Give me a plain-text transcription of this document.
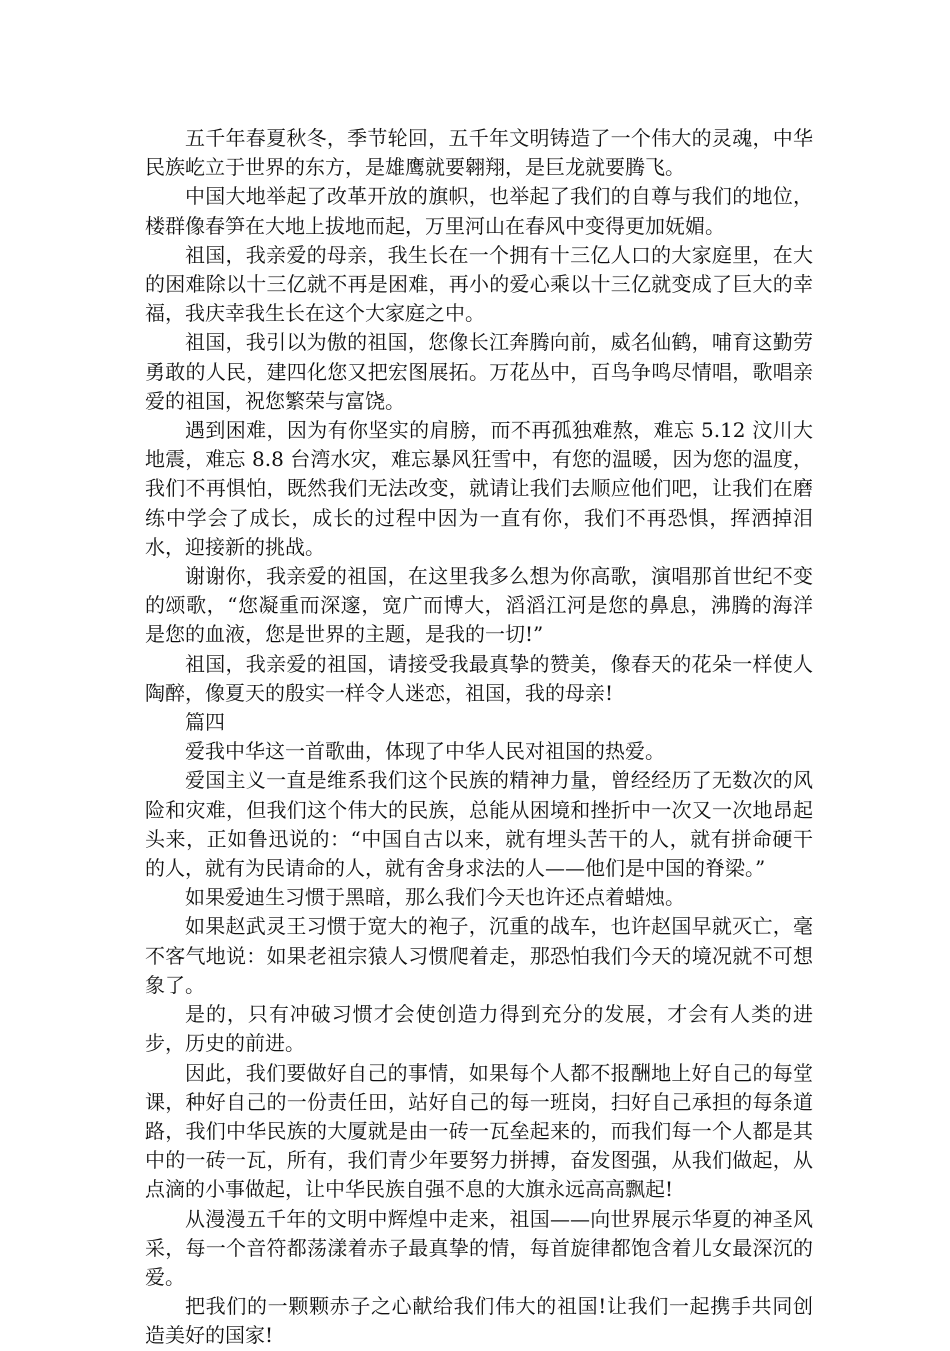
五千年春夏秋冬，季节轮回，五千年文明铸造了一个伟大的灵魂，中华民族屹立于世界的东方，是雄鹰就要翱翔，是巨龙就要腾飞。

中国大地举起了改革开放的旗帜，也举起了我们的自尊与我们的地位，楼群像春笋在大地上拔地而起，万里河山在春风中变得更加妩媚。

祖国，我亲爱的母亲，我生长在一个拥有十三亿人口的大家庭里，在大的困难除以十三亿就不再是困难，再小的爱心乘以十三亿就变成了巨大的幸福，我庆幸我生长在这个大家庭之中。

祖国，我引以为傲的祖国，您像长江奔腾向前，威名仙鹤，哺育这勤劳勇敢的人民，建四化您又把宏图展拓。万花丛中，百鸟争鸣尽情唱，歌唱亲爱的祖国，祝您繁荣与富饶。

遇到困难，因为有你坚实的肩膀，而不再孤独难熬，难忘 5.12 汶川大地震，难忘 8.8 台湾水灾，难忘暴风狂雪中，有您的温暖，因为您的温度，我们不再惧怕，既然我们无法改变，就请让我们去顺应他们吧，让我们在磨练中学会了成长，成长的过程中因为一直有你，我们不再恐惧，挥洒掉泪水，迎接新的挑战。

谢谢你，我亲爱的祖国，在这里我多么想为你高歌，演唱那首世纪不变的颂歌，“您凝重而深邃，宽广而博大，滔滔江河是您的鼻息，沸腾的海洋是您的血液，您是世界的主题，是我的一切!”

祖国，我亲爱的祖国，请接受我最真挚的赞美，像春天的花朵一样使人陶醉，像夏天的殷实一样令人迷恋，祖国，我的母亲!

篇四

爱我中华这一首歌曲，体现了中华人民对祖国的热爱。

爱国主义一直是维系我们这个民族的精神力量，曾经经历了无数次的风险和灾难，但我们这个伟大的民族，总能从困境和挫折中一次又一次地昂起头来，正如鲁迅说的：“中国自古以来，就有埋头苦干的人，就有拼命硬干的人，就有为民请命的人，就有舍身求法的人——他们是中国的脊梁。”

如果爱迪生习惯于黑暗，那么我们今天也许还点着蜡烛。

如果赵武灵王习惯于宽大的袍子，沉重的战车，也许赵国早就灭亡，毫不客气地说：如果老祖宗猿人习惯爬着走，那恐怕我们今天的境况就不可想象了。

是的，只有冲破习惯才会使创造力得到充分的发展，才会有人类的进步，历史的前进。

因此，我们要做好自己的事情，如果每个人都不报酬地上好自己的每堂课，种好自己的一份责任田，站好自己的每一班岗，扫好自己承担的每条道路，我们中华民族的大厦就是由一砖一瓦垒起来的，而我们每一个人都是其中的一砖一瓦，所有，我们青少年要努力拼搏，奋发图强，从我们做起，从点滴的小事做起，让中华民族自强不息的大旗永远高高飘起!

从漫漫五千年的文明中辉煌中走来，祖国——向世界展示华夏的神圣风采，每一个音符都荡漾着赤子最真挚的情，每首旋律都饱含着儿女最深沉的爱。

把我们的一颗颗赤子之心献给我们伟大的祖国!让我们一起携手共同创造美好的国家!
